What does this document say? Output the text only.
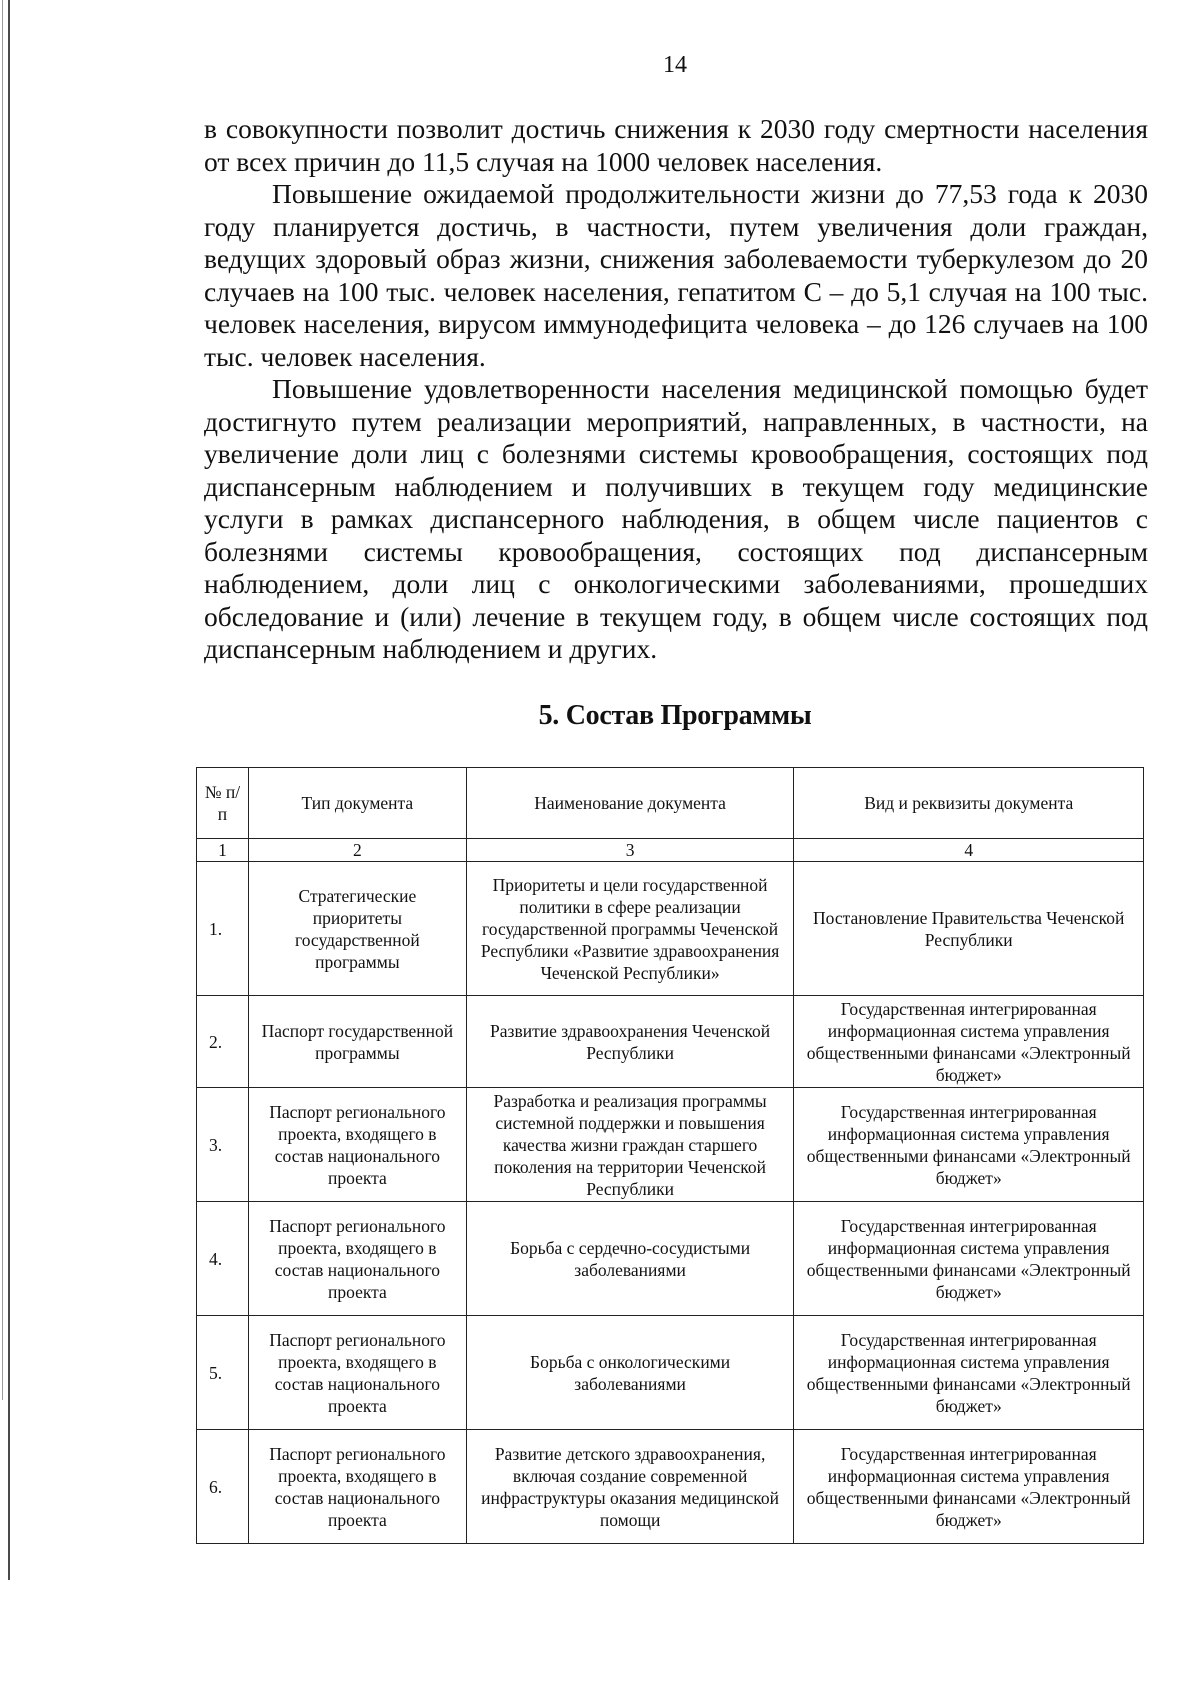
14

в совокупности позволит достичь снижения к 2030 году смертности населения от всех причин до 11,5 случая на 1000 человек населения.

Повышение ожидаемой продолжительности жизни до 77,53 года к 2030 году планируется достичь, в частности, путем увеличения доли граждан, ведущих здоровый образ жизни, снижения заболеваемости туберкулезом до 20 случаев на 100 тыс. человек населения, гепатитом С – до 5,1 случая на 100 тыс. человек населения, вирусом иммунодефицита человека – до 126 случаев на 100 тыс. человек населения.

Повышение удовлетворенности населения медицинской помощью будет достигнуто путем реализации мероприятий, направленных, в частности, на увеличение доли лиц с болезнями системы кровообращения, состоящих под диспансерным наблюдением и получивших в текущем году медицинские услуги в рамках диспансерного наблюдения, в общем числе пациентов с болезнями системы кровообращения, состоящих под диспансерным наблюдением, доли лиц с онкологическими заболеваниями, прошедших обследование и (или) лечение в текущем году, в общем числе состоящих под диспансерным наблюдением и других.

5. Состав Программы
№ п/п	Тип документа	Наименование документа	Вид и реквизиты документа
1	2	3	4
1.	Стратегические приоритеты государственной программы	Приоритеты и цели государственной политики в сфере реализации государственной программы Чеченской Республики «Развитие здравоохранения Чеченской Республики»	Постановление Правительства Чеченской Республики
2.	Паспорт государственной программы	Развитие здравоохранения Чеченской Республики	Государственная интегрированная информационная система управления общественными финансами «Электронный бюджет»
3.	Паспорт регионального проекта, входящего в состав национального проекта	Разработка и реализация программы системной поддержки и повышения качества жизни граждан старшего поколения на территории Чеченской Республики	Государственная интегрированная информационная система управления общественными финансами «Электронный бюджет»
4.	Паспорт регионального проекта, входящего в состав национального проекта	Борьба с сердечно-сосудистыми заболеваниями	Государственная интегрированная информационная система управления общественными финансами «Электронный бюджет»
5.	Паспорт регионального проекта, входящего в состав национального проекта	Борьба с онкологическими заболеваниями	Государственная интегрированная информационная система управления общественными финансами «Электронный бюджет»
6.	Паспорт регионального проекта, входящего в состав национального проекта	Развитие детского здравоохранения, включая создание современной инфраструктуры оказания медицинской помощи	Государственная интегрированная информационная система управления общественными финансами «Электронный бюджет»
